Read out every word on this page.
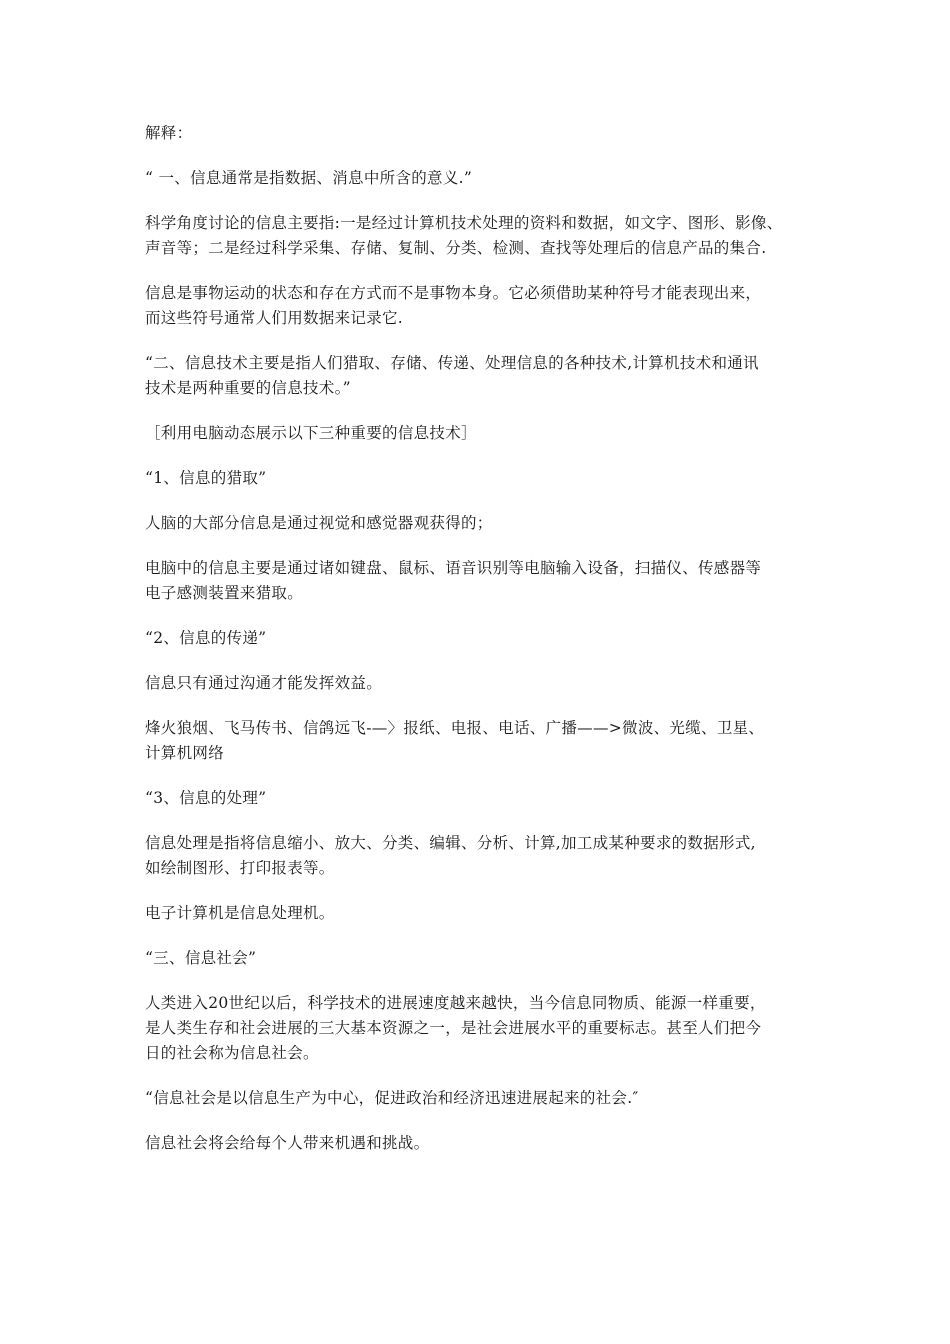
解释：

“ 一、信息通常是指数据、消息中所含的意义.”

科学角度讨论的信息主要指:一是经过计算机技术处理的资料和数据，如文字、图形、影像、
声音等；二是经过科学采集、存储、复制、分类、检测、查找等处理后的信息产品的集合.

信息是事物运动的状态和存在方式而不是事物本身。它必须借助某种符号才能表现出来，
而这些符号通常人们用数据来记录它.

“二、信息技术主要是指人们猎取、存储、传递、处理信息的各种技术,计算机技术和通讯
技术是两种重要的信息技术。”

［利用电脑动态展示以下三种重要的信息技术］

“1、信息的猎取”

人脑的大部分信息是通过视觉和感觉器观获得的；

电脑中的信息主要是通过诸如键盘、鼠标、语音识别等电脑输入设备，扫描仪、传感器等
电子感测装置来猎取。

“2、信息的传递”

信息只有通过沟通才能发挥效益。

烽火狼烟、飞马传书、信鸽远飞-—〉报纸、电报、电话、广播——>微波、光缆、卫星、
计算机网络

“3、信息的处理”

信息处理是指将信息缩小、放大、分类、编辑、分析、计算,加工成某种要求的数据形式,
如绘制图形、打印报表等。

电子计算机是信息处理机。

“三、信息社会”

人类进入20世纪以后，科学技术的进展速度越来越快，当今信息同物质、能源一样重要，
是人类生存和社会进展的三大基本资源之一，是社会进展水平的重要标志。甚至人们把今
日的社会称为信息社会。

“信息社会是以信息生产为中心，促进政治和经济迅速进展起来的社会.″

信息社会将会给每个人带来机遇和挑战。
